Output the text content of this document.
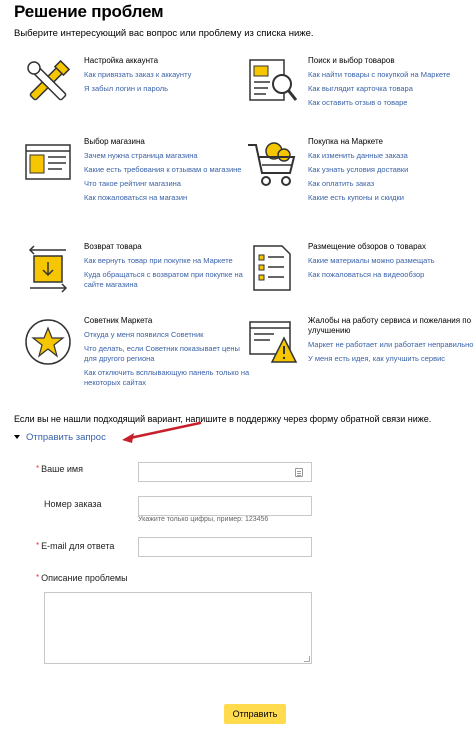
Решение проблем
Выберите интересующий вас вопрос или проблему из списка ниже.
Настройка аккаунта
Как привязать заказ к аккаунту
Я забыл логин и пароль
Поиск и выбор товаров
Как найти товары с покупкой на Маркете
Как выглядит карточка товара
Как оставить отзыв о товаре
Выбор магазина
Зачем нужна страница магазина
Какие есть требования к отзывам о магазине
Что такое рейтинг магазина
Как пожаловаться на магазин
Покупка на Маркете
Как изменить данные заказа
Как узнать условия доставки
Как оплатить заказ
Какие есть купоны и скидки
Возврат товара
Как вернуть товар при покупке на Маркете
Куда обращаться с возвратом при покупке на сайте магазина
Размещение обзоров о товарах
Какие материалы можно размещать
Как пожаловаться на видеообзор
Советник Маркета
Откуда у меня появился Советник
Что делать, если Советник показывает цены для другого региона
Как отключить всплывающую панель только на некоторых сайтах
Жалобы на работу сервиса и пожелания по улучшению
Маркет не работает или работает неправильно
У меня есть идея, как улучшить сервис
Если вы не нашли подходящий вариант, напишите в поддержку через форму обратной связи ниже.
Отправить запрос
* Ваше имя
Номер заказа
Укажите только цифры, пример: 123456
* E-mail для ответа
* Описание проблемы
Отправить
